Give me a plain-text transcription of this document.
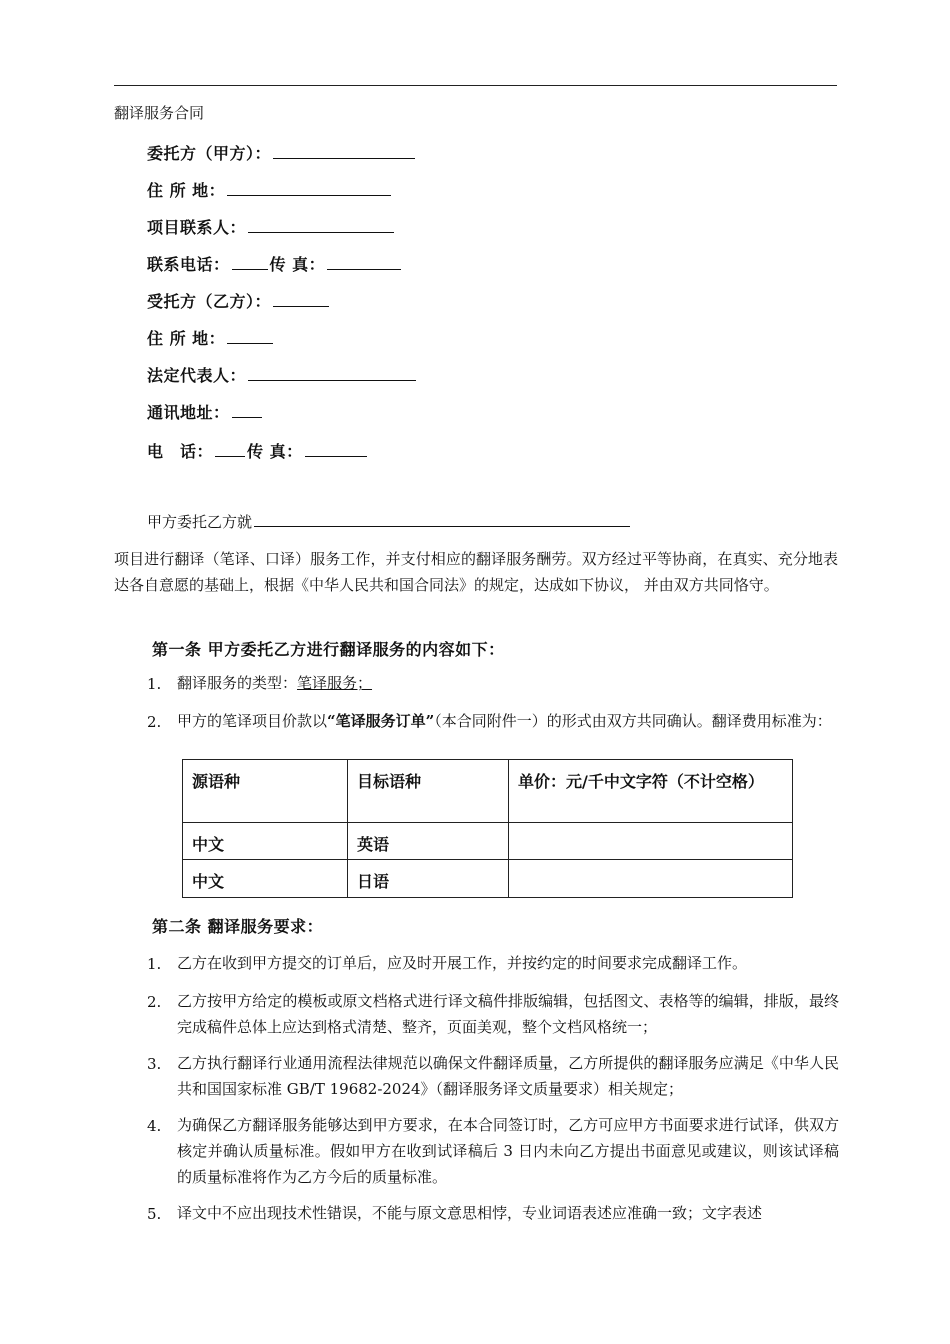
翻译服务合同
委托方（甲方）：
住 所 地：
项目联系人：
联系电话：	传 真：
受托方（乙方）：
住 所 地：
法定代表人：
通讯地址：
电　话： 传 真：
甲方委托乙方就
项目进行翻译（笔译、口译）服务工作，并支付相应的翻译服务酬劳。双方经过平等协商，在真实、充分地表达各自意愿的基础上，根据《中华人民共和国合同法》的规定，达成如下协议， 并由双方共同恪守。
第一条 甲方委托乙方进行翻译服务的内容如下：
1. 翻译服务的类型：笔译服务；
2. 甲方的笔译项目价款以“笔译服务订单”（本合同附件一）的形式由双方共同确认。翻译费用标准为：
源语种	目标语种	单价：元/千中文字符（不计空格）
中文	英语	
中文	日语	
第二条 翻译服务要求：
1. 乙方在收到甲方提交的订单后，应及时开展工作，并按约定的时间要求完成翻译工作。
2. 乙方按甲方给定的模板或原文档格式进行译文稿件排版编辑，包括图文、表格等的编辑，排版，最终完成稿件总体上应达到格式清楚、整齐，页面美观，整个文档风格统一；
3. 乙方执行翻译行业通用流程法律规范以确保文件翻译质量，乙方所提供的翻译服务应满足《中华人民共和国国家标准 GB/T 19682-2024》（翻译服务译文质量要求）相关规定；
4. 为确保乙方翻译服务能够达到甲方要求，在本合同签订时，乙方可应甲方书面要求进行试译，供双方核定并确认质量标准。假如甲方在收到试译稿后 3 日内未向乙方提出书面意见或建议，则该试译稿的质量标准将作为乙方今后的质量标准。
5. 译文中不应出现技术性错误，不能与原文意思相悖，专业词语表述应准确一致；文字表述
